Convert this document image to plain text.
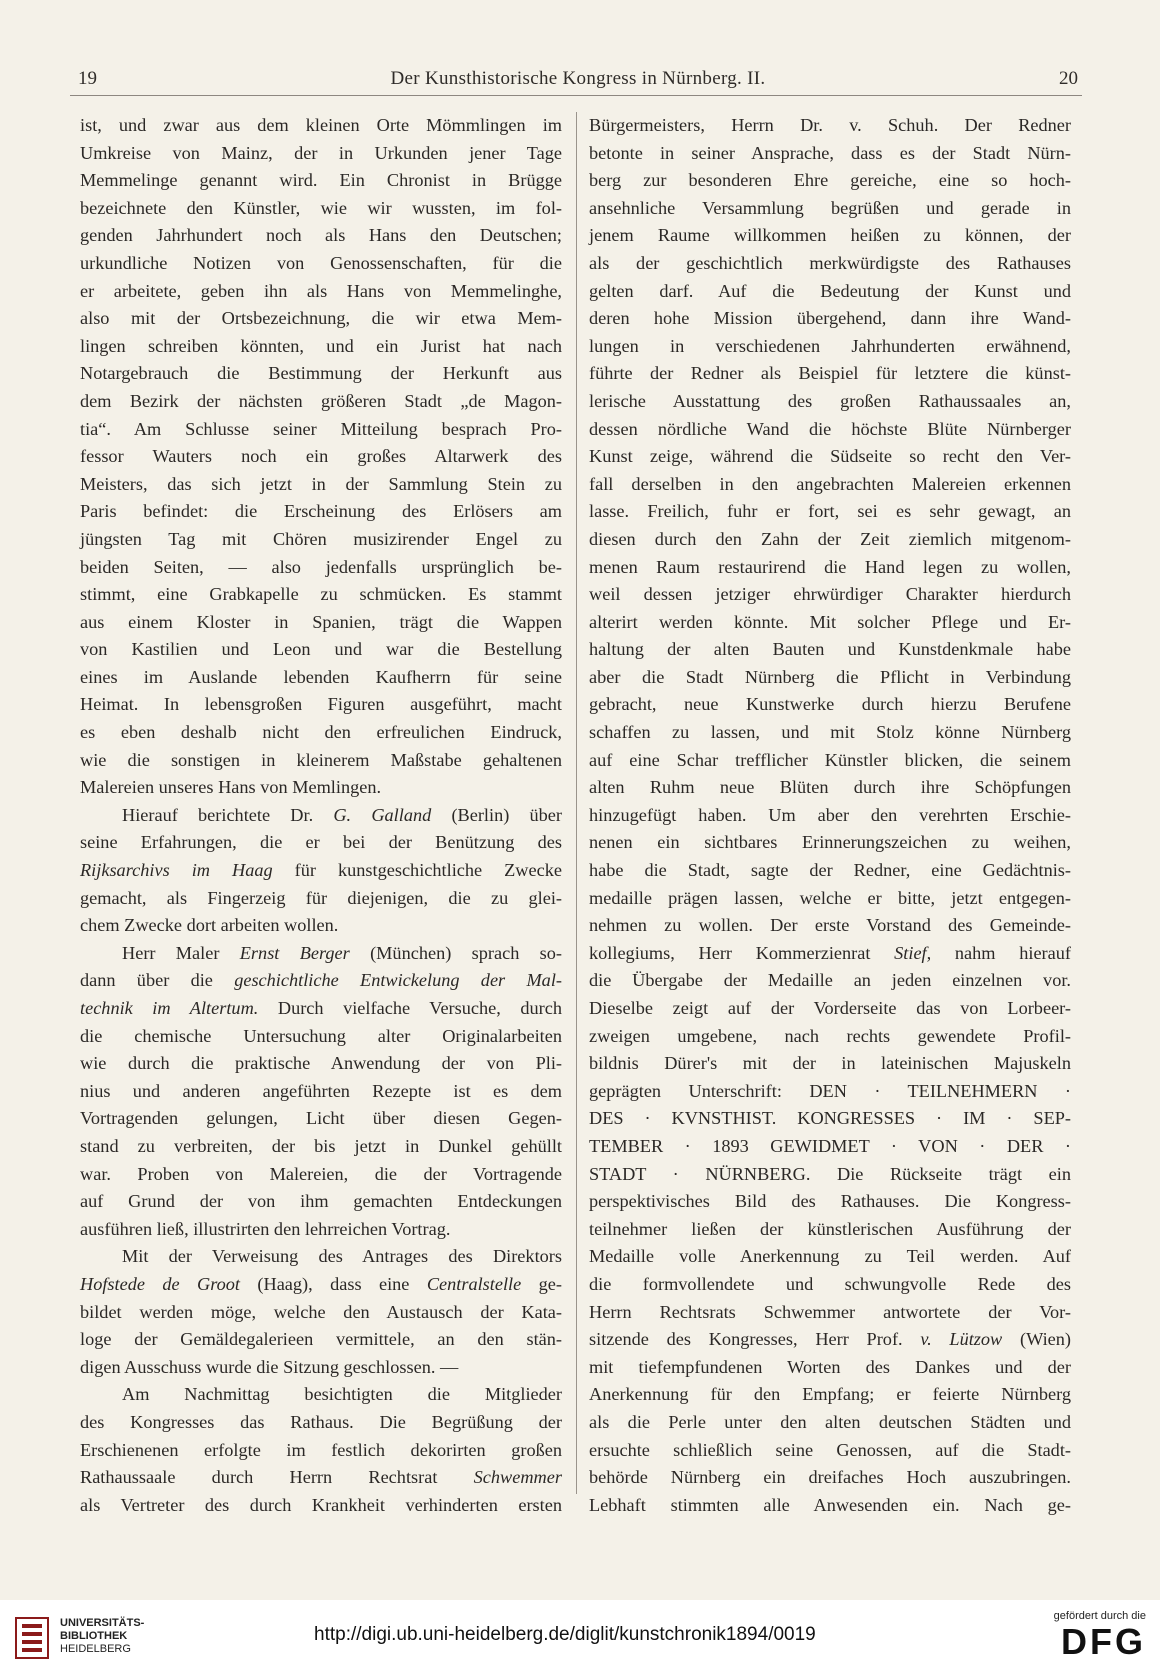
19	Der Kunsthistorische Kongress in Nürnberg. II.	20
ist, und zwar aus dem kleinen Orte Mömmlingen im
Umkreise von Mainz, der in Urkunden jener Tage
Memmelinge genannt wird. Ein Chronist in Brügge
bezeichnete den Künstler, wie wir wussten, im fol-
genden Jahrhundert noch als Hans den Deutschen;
urkundliche Notizen von Genossenschaften, für die
er arbeitete, geben ihn als Hans von Memmelinghe,
also mit der Ortsbezeichnung, die wir etwa Mem-
lingen schreiben könnten, und ein Jurist hat nach
Notargebrauch die Bestimmung der Herkunft aus
dem Bezirk der nächsten größeren Stadt „de Magon-
tia“. Am Schlusse seiner Mitteilung besprach Pro-
fessor Wauters noch ein großes Altarwerk des
Meisters, das sich jetzt in der Sammlung Stein zu
Paris befindet: die Erscheinung des Erlösers am
jüngsten Tag mit Chören musizirender Engel zu
beiden Seiten, — also jedenfalls ursprünglich be-
stimmt, eine Grabkapelle zu schmücken. Es stammt
aus einem Kloster in Spanien, trägt die Wappen
von Kastilien und Leon und war die Bestellung
eines im Auslande lebenden Kaufherrn für seine
Heimat. In lebensgroßen Figuren ausgeführt, macht
es eben deshalb nicht den erfreulichen Eindruck,
wie die sonstigen in kleinerem Maßstabe gehaltenen
Malereien unseres Hans von Memlingen.
Hierauf berichtete Dr. G. Galland (Berlin) über
seine Erfahrungen, die er bei der Benützung des
Rijksarchivs im Haag für kunstgeschichtliche Zwecke
gemacht, als Fingerzeig für diejenigen, die zu glei-
chem Zwecke dort arbeiten wollen.
Herr Maler Ernst Berger (München) sprach so-
dann über die geschichtliche Entwickelung der Mal-
technik im Altertum. Durch vielfache Versuche, durch
die chemische Untersuchung alter Originalarbeiten
wie durch die praktische Anwendung der von Pli-
nius und anderen angeführten Rezepte ist es dem
Vortragenden gelungen, Licht über diesen Gegen-
stand zu verbreiten, der bis jetzt in Dunkel gehüllt
war. Proben von Malereien, die der Vortragende
auf Grund der von ihm gemachten Entdeckungen
ausführen ließ, illustrirten den lehrreichen Vortrag.
Mit der Verweisung des Antrages des Direktors
Hofstede de Groot (Haag), dass eine Centralstelle ge-
bildet werden möge, welche den Austausch der Kata-
loge der Gemäldegalerieen vermittele, an den stän-
digen Ausschuss wurde die Sitzung geschlossen. —
Am Nachmittag besichtigten die Mitglieder
des Kongresses das Rathaus. Die Begrüßung der
Erschienenen erfolgte im festlich dekorirten großen
Rathaussaale durch Herrn Rechtsrat Schwemmer
als Vertreter des durch Krankheit verhinderten ersten
Bürgermeisters, Herrn Dr. v. Schuh. Der Redner
betonte in seiner Ansprache, dass es der Stadt Nürn-
berg zur besonderen Ehre gereiche, eine so hoch-
ansehnliche Versammlung begrüßen und gerade in
jenem Raume willkommen heißen zu können, der
als der geschichtlich merkwürdigste des Rathauses
gelten darf. Auf die Bedeutung der Kunst und
deren hohe Mission übergehend, dann ihre Wand-
lungen in verschiedenen Jahrhunderten erwähnend,
führte der Redner als Beispiel für letztere die künst-
lerische Ausstattung des großen Rathaussaales an,
dessen nördliche Wand die höchste Blüte Nürnberger
Kunst zeige, während die Südseite so recht den Ver-
fall derselben in den angebrachten Malereien erkennen
lasse. Freilich, fuhr er fort, sei es sehr gewagt, an
diesen durch den Zahn der Zeit ziemlich mitgenom-
menen Raum restaurirend die Hand legen zu wollen,
weil dessen jetziger ehrwürdiger Charakter hierdurch
alterirt werden könnte. Mit solcher Pflege und Er-
haltung der alten Bauten und Kunstdenkmale habe
aber die Stadt Nürnberg die Pflicht in Verbindung
gebracht, neue Kunstwerke durch hierzu Berufene
schaffen zu lassen, und mit Stolz könne Nürnberg
auf eine Schar trefflicher Künstler blicken, die seinem
alten Ruhm neue Blüten durch ihre Schöpfungen
hinzugefügt haben. Um aber den verehrten Erschie-
nenen ein sichtbares Erinnerungszeichen zu weihen,
habe die Stadt, sagte der Redner, eine Gedächtnis-
medaille prägen lassen, welche er bitte, jetzt entgegen-
nehmen zu wollen. Der erste Vorstand des Gemeinde-
kollegiums, Herr Kommerzienrat Stief, nahm hierauf
die Übergabe der Medaille an jeden einzelnen vor.
Dieselbe zeigt auf der Vorderseite das von Lorbeer-
zweigen umgebene, nach rechts gewendete Profil-
bildnis Dürer's mit der in lateinischen Majuskeln
geprägten Unterschrift: DEN · TEILNEHMERN ·
DES · KVNSTHIST. KONGRESSES · IM · SEP-
TEMBER · 1893 GEWIDMET · VON · DER ·
STADT · NÜRNBERG. Die Rückseite trägt ein
perspektivisches Bild des Rathauses. Die Kongress-
teilnehmer ließen der künstlerischen Ausführung der
Medaille volle Anerkennung zu Teil werden. Auf
die formvollendete und schwungvolle Rede des
Herrn Rechtsrats Schwemmer antwortete der Vor-
sitzende des Kongresses, Herr Prof. v. Lützow (Wien)
mit tiefempfundenen Worten des Dankes und der
Anerkennung für den Empfang; er feierte Nürnberg
als die Perle unter den alten deutschen Städten und
ersuchte schließlich seine Genossen, auf die Stadt-
behörde Nürnberg ein dreifaches Hoch auszubringen.
Lebhaft stimmten alle Anwesenden ein. Nach ge-
UNIVERSITÄTS-
BIBLIOTHEK
HEIDELBERG
http://digi.ub.uni-heidelberg.de/diglit/kunstchronik1894/0019
gefördert durch die
DFG
